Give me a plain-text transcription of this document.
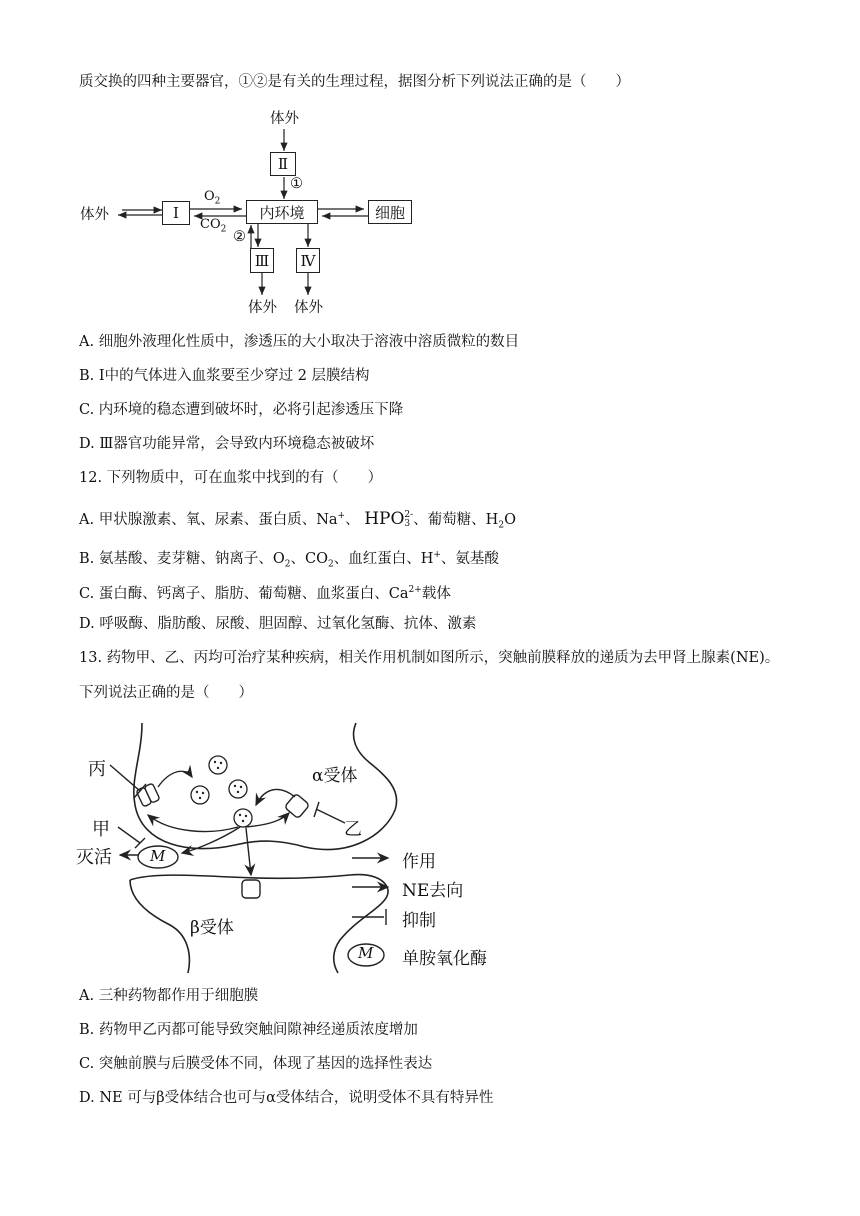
质交换的四种主要器官，①②是有关的生理过程，据图分析下列说法正确的是（　　）
体外
Ⅱ
①
体外	Ⅰ
$O_2$
$CO_2$
内环境	细胞
②
Ⅲ	Ⅳ
体外 体外
A. 细胞外液理化性质中，渗透压的大小取决于溶液中溶质微粒的数目
B. Ⅰ中的气体进入血浆要至少穿过 2 层膜结构
C. 内环境的稳态遭到破坏时，必将引起渗透压下降
D. Ⅲ器官功能异常，会导致内环境稳态被破坏
12. 下列物质中，可在血浆中找到的有（　　）
A. 甲状腺激素、氧、尿素、蛋白质、Na+、 HPO2-
3 、葡萄糖、$H_2O$
B. 氨基酸、麦芽糖、钠离子、$O_2$、$CO_2$、血红蛋白、H+、氨基酸
C. 蛋白酶、钙离子、脂肪、葡萄糖、血浆蛋白、$Ca^{2+}$载体
D. 呼吸酶、脂肪酸、尿酸、胆固醇、过氧化氢酶、抗体、激素
13. 药物甲、乙、丙均可治疗某种疾病，相关作用机制如图所示，突触前膜释放的递质为去甲肾上腺素(NE)。
下列说法正确的是（　　）
丙
甲
灭活	M
α受体
乙
β受体
作用
NE去向
抑制
M 单胺氧化酶
A. 三种药物都作用于细胞膜
B. 药物甲乙丙都可能导致突触间隙神经递质浓度增加
C. 突触前膜与后膜受体不同，体现了基因的选择性表达
D. NE 可与β受体结合也可与α受体结合，说明受体不具有特异性
